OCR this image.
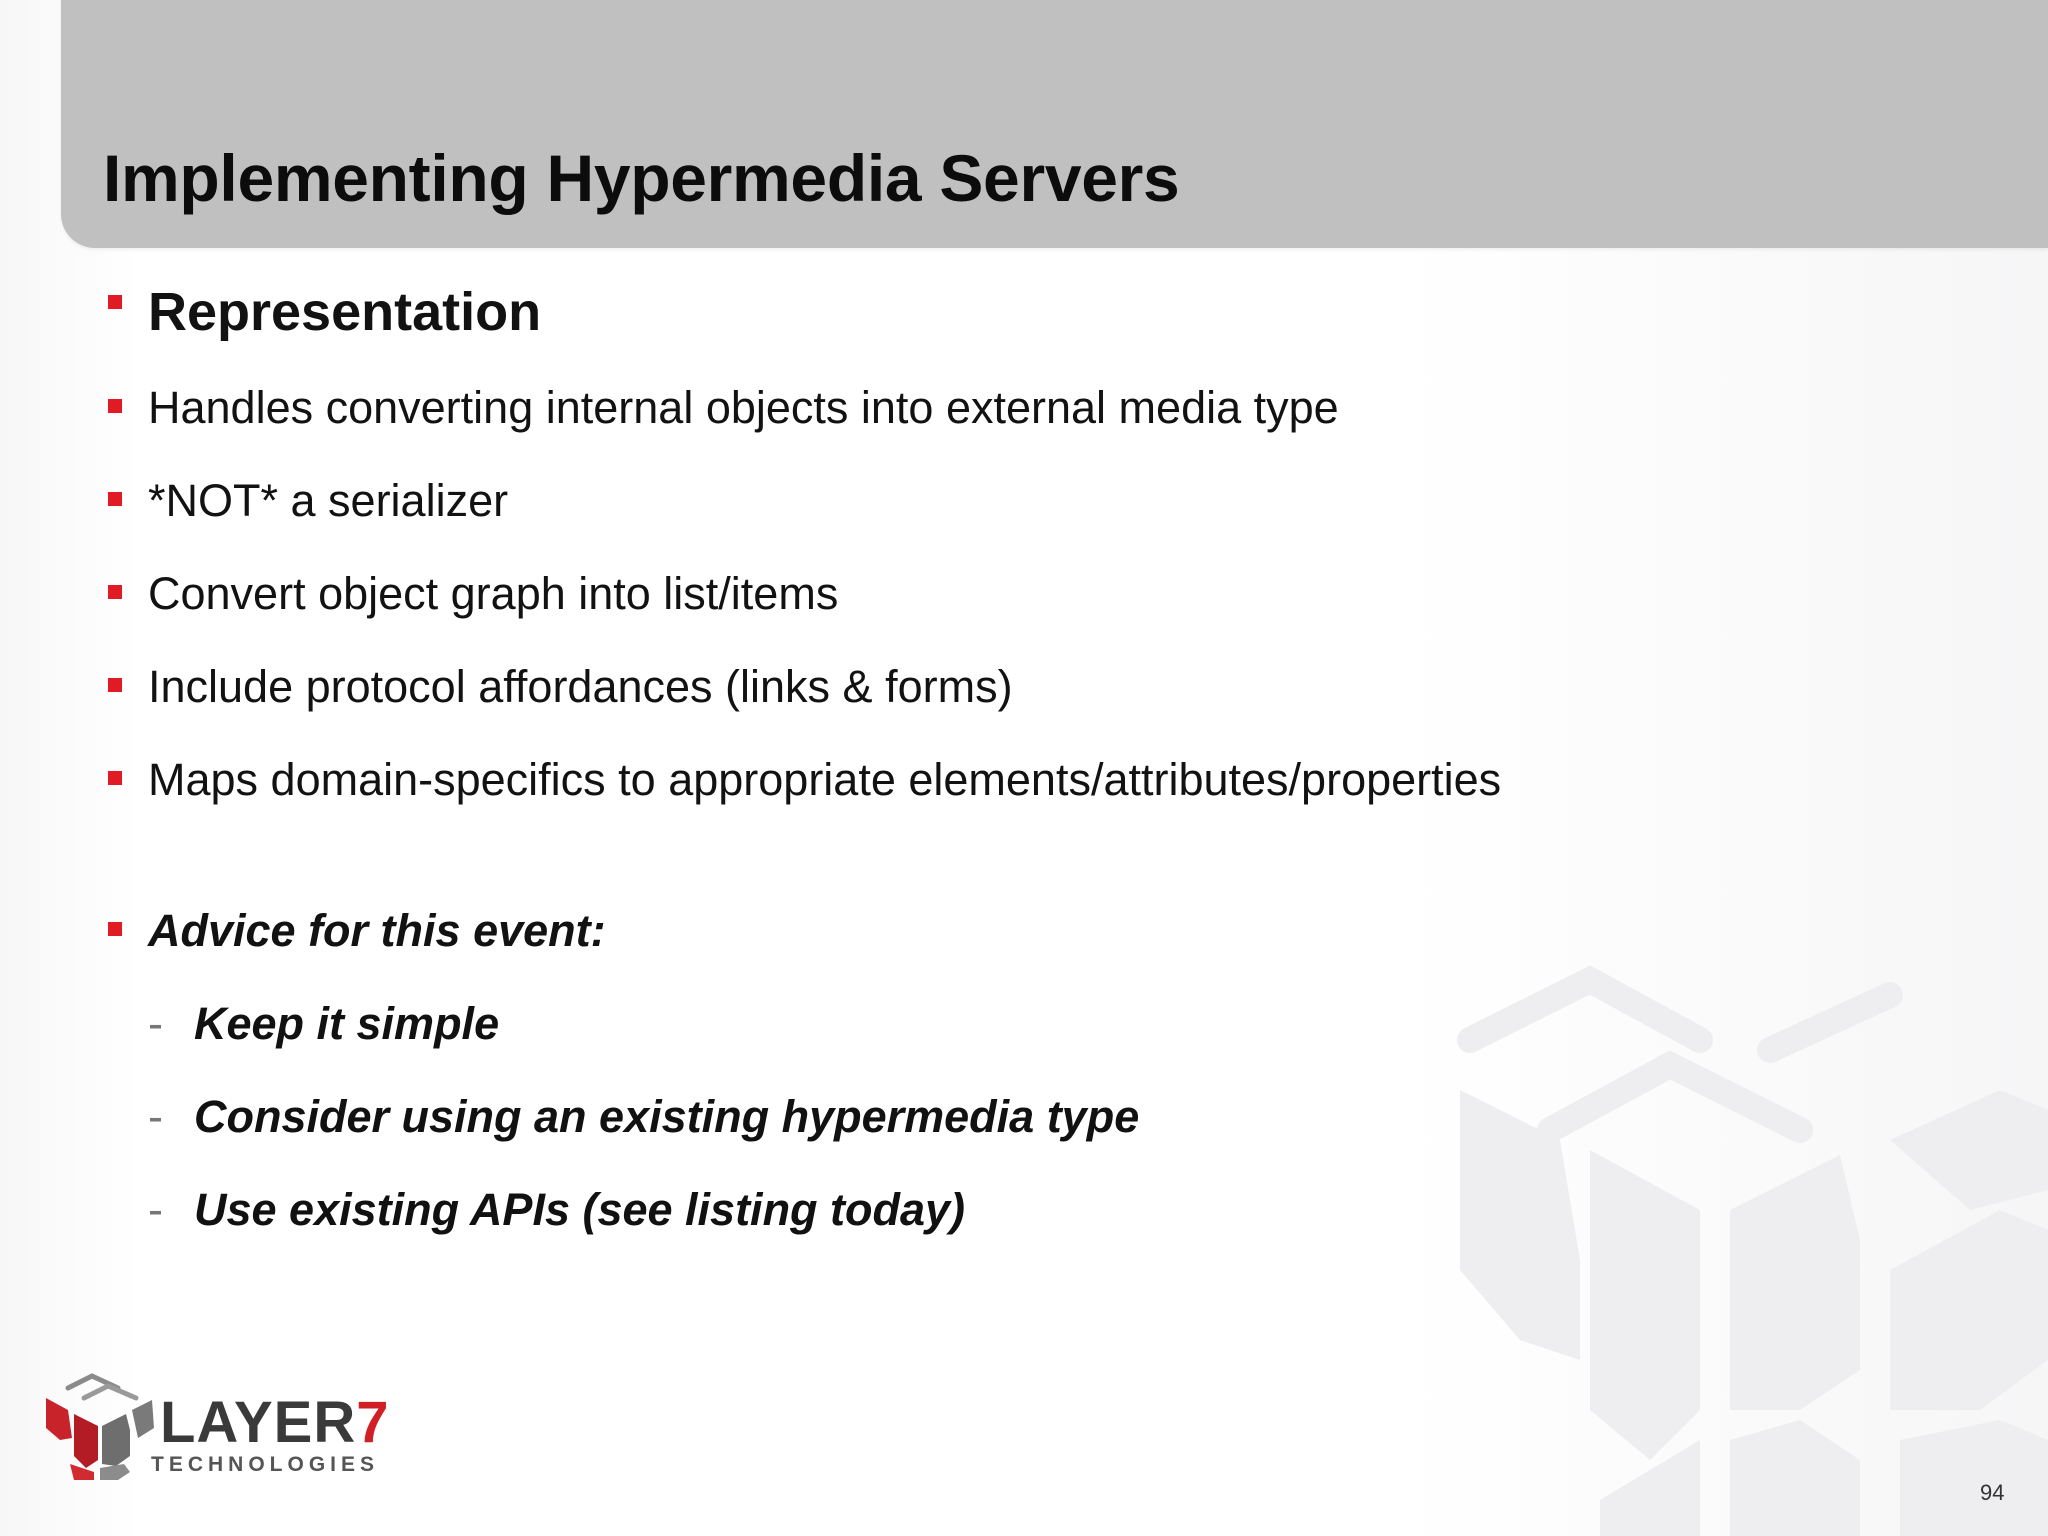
Implementing Hypermedia Servers
Representation
Handles converting internal objects into external media type
*NOT* a serializer
Convert object graph into list/items
Include protocol affordances (links & forms)
Maps domain-specifics to appropriate elements/attributes/properties
Advice for this event:
- Keep it simple
- Consider using an existing hypermedia type
- Use existing APIs (see listing today)
LAYER7
TECHNOLOGIES
94
